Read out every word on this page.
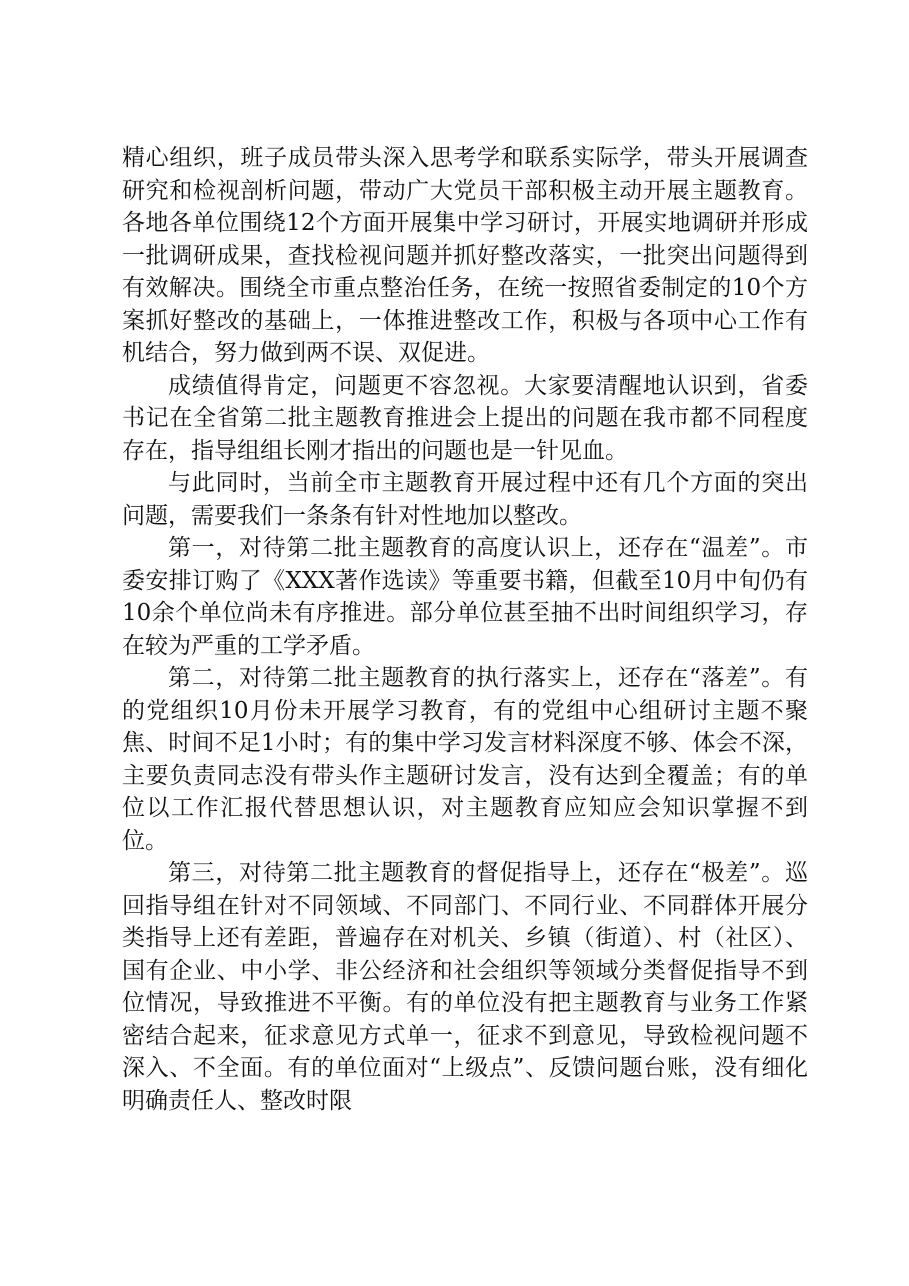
精心组织，班子成员带头深入思考学和联系实际学，带头开展调查研究和检视剖析问题，带动广大党员干部积极主动开展主题教育。各地各单位围绕12个方面开展集中学习研讨，开展实地调研并形成一批调研成果，查找检视问题并抓好整改落实，一批突出问题得到有效解决。围绕全市重点整治任务，在统一按照省委制定的10个方案抓好整改的基础上，一体推进整改工作，积极与各项中心工作有机结合，努力做到两不误、双促进。

成绩值得肯定，问题更不容忽视。大家要清醒地认识到，省委书记在全省第二批主题教育推进会上提出的问题在我市都不同程度存在，指导组组长刚才指出的问题也是一针见血。

与此同时，当前全市主题教育开展过程中还有几个方面的突出问题，需要我们一条条有针对性地加以整改。

第一，对待第二批主题教育的高度认识上，还存在“温差”。市委安排订购了《XXX著作选读》等重要书籍，但截至10月中旬仍有10余个单位尚未有序推进。部分单位甚至抽不出时间组织学习，存在较为严重的工学矛盾。

第二，对待第二批主题教育的执行落实上，还存在“落差”。有的党组织10月份未开展学习教育，有的党组中心组研讨主题不聚焦、时间不足1小时；有的集中学习发言材料深度不够、体会不深，主要负责同志没有带头作主题研讨发言，没有达到全覆盖；有的单位以工作汇报代替思想认识，对主题教育应知应会知识掌握不到位。

第三，对待第二批主题教育的督促指导上，还存在“极差”。巡回指导组在针对不同领域、不同部门、不同行业、不同群体开展分类指导上还有差距，普遍存在对机关、乡镇（街道）、村（社区）、国有企业、中小学、非公经济和社会组织等领域分类督促指导不到位情况，导致推进不平衡。有的单位没有把主题教育与业务工作紧密结合起来，征求意见方式单一，征求不到意见，导致检视问题不深入、不全面。有的单位面对“上级点”、反馈问题台账，没有细化明确责任人、整改时限
